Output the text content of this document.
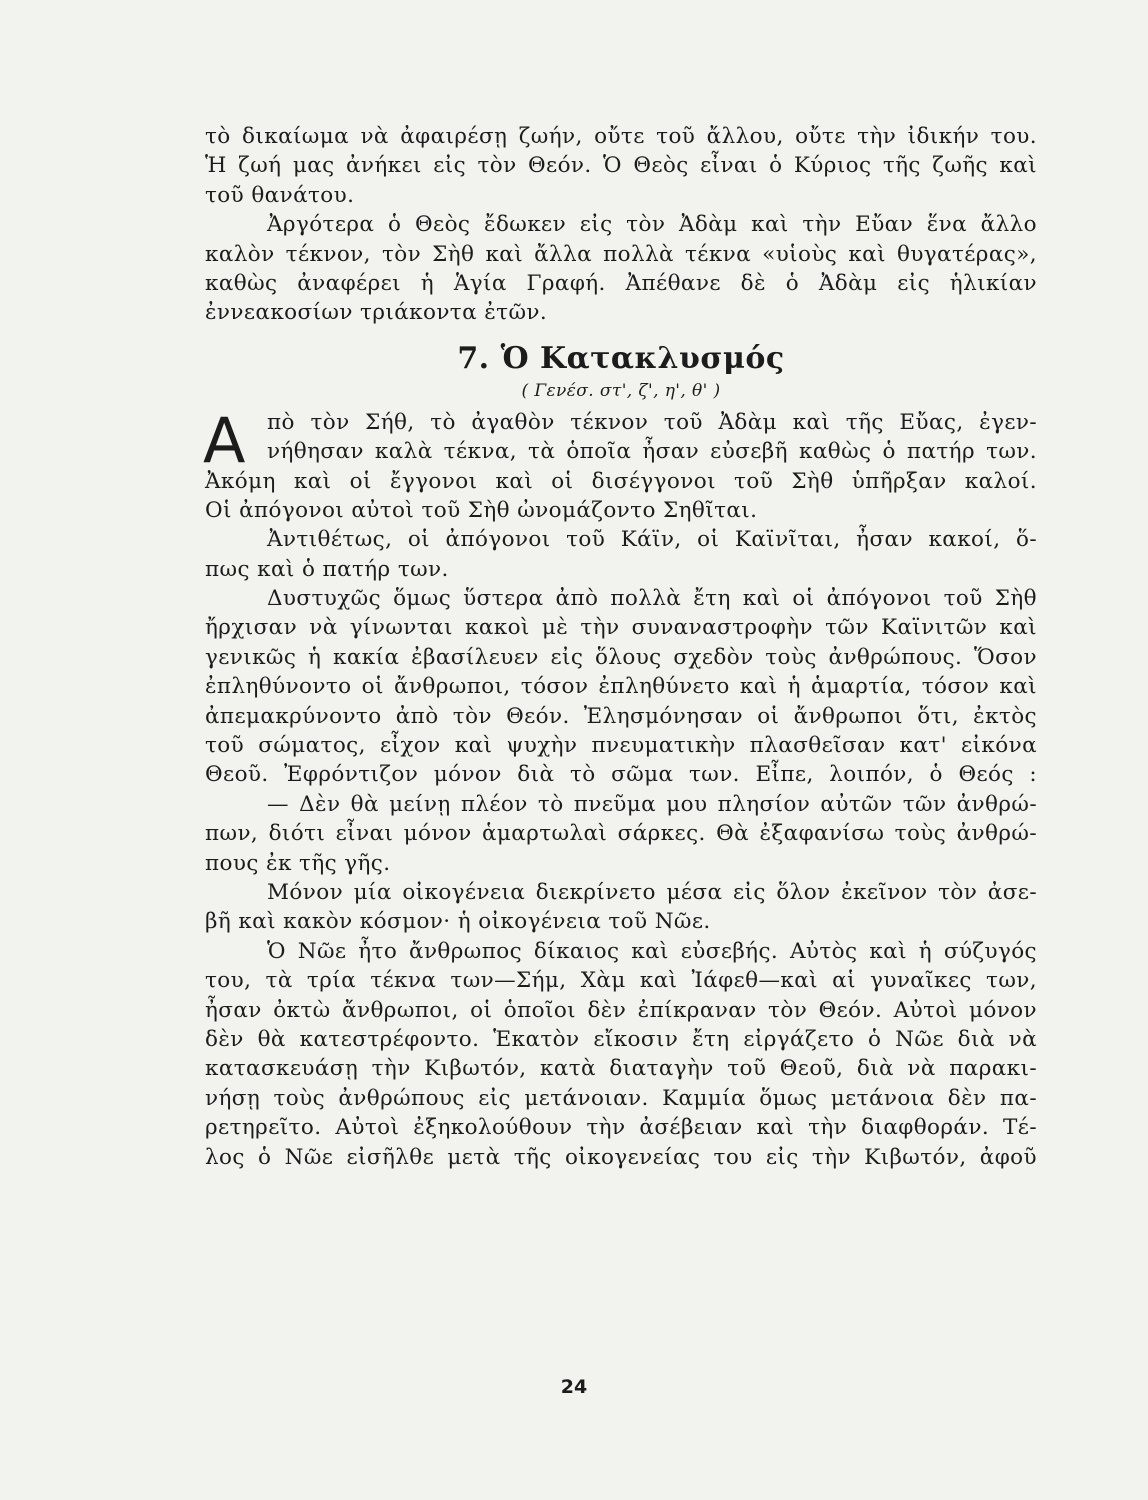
τὸ δικαίωμα νὰ ἀφαιρέσῃ ζωήν, οὔτε τοῦ ἄλλου, οὔτε τὴν ἰδικήν του.
Ἡ ζωή μας ἀνήκει εἰς τὸν Θεόν. Ὁ Θεὸς εἶναι ὁ Κύριος τῆς ζωῆς καὶ
τοῦ θανάτου.
Ἀργότερα ὁ Θεὸς ἔδωκεν εἰς τὸν Ἀδὰμ καὶ τὴν Εὔαν ἕνα ἄλλο
καλὸν τέκνον, τὸν Σὴθ καὶ ἄλλα πολλὰ τέκνα «υἱοὺς καὶ θυγατέρας»,
καθὼς ἀναφέρει ἡ Ἁγία Γραφή. Ἀπέθανε δὲ ὁ Ἀδὰμ εἰς ἡλικίαν
ἐννεακοσίων τριάκοντα ἐτῶν.
7. Ὁ Κατακλυσμός
( Γενέσ. στ', ζ', η', θ' )
Α πὸ τὸν Σήθ, τὸ ἀγαθὸν τέκνον τοῦ Ἀδὰμ καὶ τῆς Εὔας, ἐγεν-
νήθησαν καλὰ τέκνα, τὰ ὁποῖα ἦσαν εὐσεβῆ καθὼς ὁ πατήρ των.
Ἀκόμη καὶ οἱ ἔγγονοι καὶ οἱ δισέγγονοι τοῦ Σὴθ ὑπῆρξαν καλοί.
Οἱ ἀπόγονοι αὐτοὶ τοῦ Σὴθ ὠνομάζοντο Σηθῖται.
Ἀντιθέτως, οἱ ἀπόγονοι τοῦ Κάϊν, οἱ Καϊνῖται, ἦσαν κακοί, ὅ-
πως καὶ ὁ πατήρ των.
Δυστυχῶς ὅμως ὕστερα ἀπὸ πολλὰ ἔτη καὶ οἱ ἀπόγονοι τοῦ Σὴθ
ἤρχισαν νὰ γίνωνται κακοὶ μὲ τὴν συναναστροφὴν τῶν Καϊνιτῶν καὶ
γενικῶς ἡ κακία ἐβασίλευεν εἰς ὅλους σχεδὸν τοὺς ἀνθρώπους. Ὅσον
ἐπληθύνοντο οἱ ἄνθρωποι, τόσον ἐπληθύνετο καὶ ἡ ἁμαρτία, τόσον καὶ
ἀπεμακρύνοντο ἀπὸ τὸν Θεόν. Ἐλησμόνησαν οἱ ἄνθρωποι ὅτι, ἐκτὸς
τοῦ σώματος, εἶχον καὶ ψυχὴν πνευματικὴν πλασθεῖσαν κατ' εἰκόνα
Θεοῦ. Ἐφρόντιζον μόνον διὰ τὸ σῶμα των. Εἶπε, λοιπόν, ὁ Θεός :
— Δὲν θὰ μείνῃ πλέον τὸ πνεῦμα μου πλησίον αὐτῶν τῶν ἀνθρώ-
πων, διότι εἶναι μόνον ἁμαρτωλαὶ σάρκες. Θὰ ἐξαφανίσω τοὺς ἀνθρώ-
πους ἐκ τῆς γῆς.
Μόνον μία οἰκογένεια διεκρίνετο μέσα εἰς ὅλον ἐκεῖνον τὸν ἀσε-
βῆ καὶ κακὸν κόσμον· ἡ οἰκογένεια τοῦ Νῶε.
Ὁ Νῶε ἦτο ἄνθρωπος δίκαιος καὶ εὐσεβής. Αὐτὸς καὶ ἡ σύζυγός
του, τὰ τρία τέκνα των—Σήμ, Χὰμ καὶ Ἰάφεθ—καὶ αἱ γυναῖκες των,
ἦσαν ὀκτὼ ἄνθρωποι, οἱ ὁποῖοι δὲν ἐπίκραναν τὸν Θεόν. Αὐτοὶ μόνον
δὲν θὰ κατεστρέφοντο. Ἑκατὸν εἴκοσιν ἔτη εἰργάζετο ὁ Νῶε διὰ νὰ
κατασκευάσῃ τὴν Κιβωτόν, κατὰ διαταγὴν τοῦ Θεοῦ, διὰ νὰ παρακι-
νήσῃ τοὺς ἀνθρώπους εἰς μετάνοιαν. Καμμία ὅμως μετάνοια δὲν πα-
ρετηρεῖτο. Αὐτοὶ ἐξηκολούθουν τὴν ἀσέβειαν καὶ τὴν διαφθοράν. Τέ-
λος ὁ Νῶε εἰσῆλθε μετὰ τῆς οἰκογενείας του εἰς τὴν Κιβωτόν, ἀφοῦ
24
